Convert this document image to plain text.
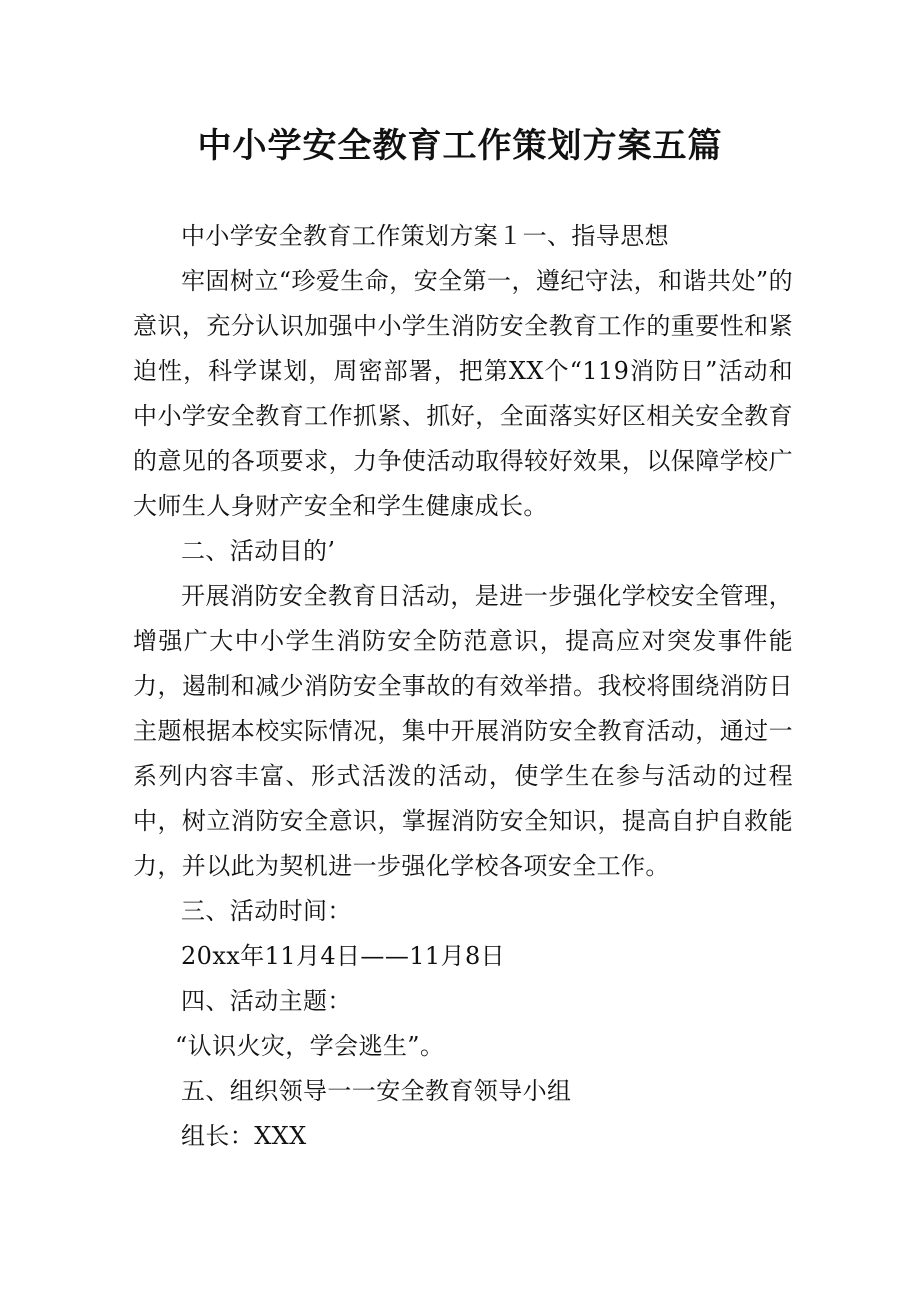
中小学安全教育工作策划方案五篇

中小学安全教育工作策划方案１一、指导思想

牢固树立“珍爱生命，安全第一，遵纪守法，和谐共处”的意识，充分认识加强中小学生消防安全教育工作的重要性和紧迫性，科学谋划，周密部署，把第XX个“119消防日”活动和中小学安全教育工作抓紧、抓好，全面落实好区相关安全教育的意见的各项要求，力争使活动取得较好效果，以保障学校广大师生人身财产安全和学生健康成长。

二、活动目的’

开展消防安全教育日活动，是进一步强化学校安全管理，增强广大中小学生消防安全防范意识，提高应对突发事件能力，遏制和减少消防安全事故的有效举措。我校将围绕消防日主题根据本校实际情况，集中开展消防安全教育活动，通过一系列内容丰富、形式活泼的活动，使学生在参与活动的过程中，树立消防安全意识，掌握消防安全知识，提高自护自救能力，并以此为契机进一步强化学校各项安全工作。

三、活动时间：

20xx年11月4日——11月8日

四、活动主题：

“认识火灾，学会逃生”。

五、组织领导一一安全教育领导小组

组长：XXX
